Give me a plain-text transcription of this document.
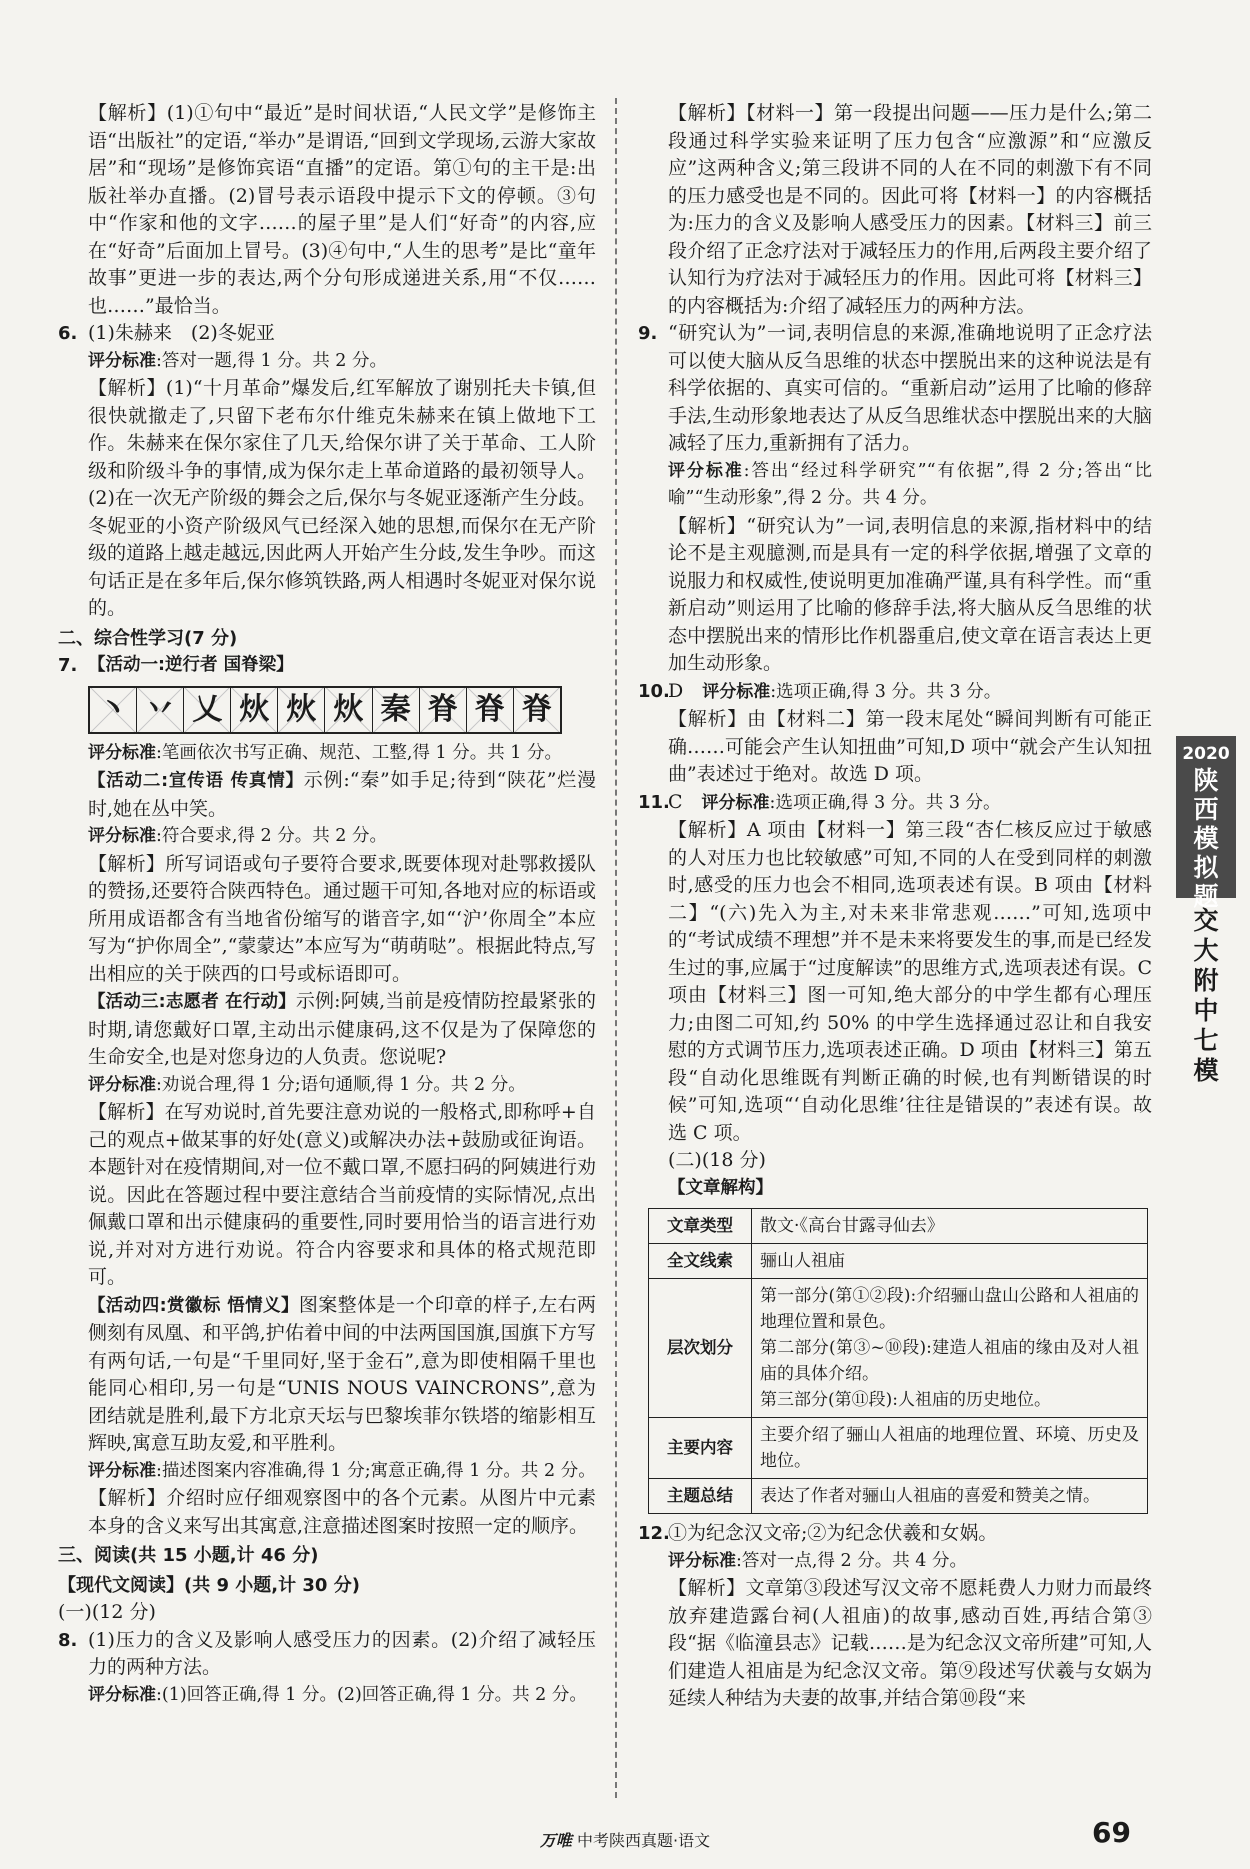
【解析】(1)①句中“最近”是时间状语,“人民文学”是修饰主语“出版社”的定语,“举办”是谓语,“回到文学现场,云游大家故居”和“现场”是修饰宾语“直播”的定语。第①句的主干是:出版社举办直播。(2)冒号表示语段中提示下文的停顿。③句中“作家和他的文字……的屋子里”是人们“好奇”的内容,应在“好奇”后面加上冒号。(3)④句中,“人生的思考”是比“童年故事”更进一步的表达,两个分句形成递进关系,用“不仅……也……”最恰当。

6. (1)朱赫来　(2)冬妮亚

评分标准:答对一题,得 1 分。共 2 分。

【解析】(1)“十月革命”爆发后,红军解放了谢别托夫卡镇,但很快就撤走了,只留下老布尔什维克朱赫来在镇上做地下工作。朱赫来在保尔家住了几天,给保尔讲了关于革命、工人阶级和阶级斗争的事情,成为保尔走上革命道路的最初领导人。(2)在一次无产阶级的舞会之后,保尔与冬妮亚逐渐产生分歧。冬妮亚的小资产阶级风气已经深入她的思想,而保尔在无产阶级的道路上越走越远,因此两人开始产生分歧,发生争吵。而这句话正是在多年后,保尔修筑铁路,两人相遇时冬妮亚对保尔说的。

二、综合性学习(7 分)

7. 【活动一:逆行者 国脊梁】

丶 丷 乂 炏 炏 炏 秦 脊 脊 脊

评分标准:笔画依次书写正确、规范、工整,得 1 分。共 1 分。

【活动二:宣传语 传真情】示例:“秦”如手足;待到“陕花”烂漫时,她在丛中笑。

评分标准:符合要求,得 2 分。共 2 分。

【解析】所写词语或句子要符合要求,既要体现对赴鄂救援队的赞扬,还要符合陕西特色。通过题干可知,各地对应的标语或所用成语都含有当地省份缩写的谐音字,如“‘沪’你周全”本应写为“护你周全”,“蒙蒙达”本应写为“萌萌哒”。根据此特点,写出相应的关于陕西的口号或标语即可。

【活动三:志愿者 在行动】示例:阿姨,当前是疫情防控最紧张的时期,请您戴好口罩,主动出示健康码,这不仅是为了保障您的生命安全,也是对您身边的人负责。您说呢?

评分标准:劝说合理,得 1 分;语句通顺,得 1 分。共 2 分。

【解析】在写劝说时,首先要注意劝说的一般格式,即称呼+自己的观点+做某事的好处(意义)或解决办法+鼓励或征询语。本题针对在疫情期间,对一位不戴口罩,不愿扫码的阿姨进行劝说。因此在答题过程中要注意结合当前疫情的实际情况,点出佩戴口罩和出示健康码的重要性,同时要用恰当的语言进行劝说,并对对方进行劝说。符合内容要求和具体的格式规范即可。

【活动四:赏徽标 悟情义】图案整体是一个印章的样子,左右两侧刻有凤凰、和平鸽,护佑着中间的中法两国国旗,国旗下方写有两句话,一句是“千里同好,坚于金石”,意为即使相隔千里也能同心相印,另一句是“UNIS NOUS VAINCRONS”,意为团结就是胜利,最下方北京天坛与巴黎埃菲尔铁塔的缩影相互辉映,寓意互助友爱,和平胜利。

评分标准:描述图案内容准确,得 1 分;寓意正确,得 1 分。共 2 分。

【解析】介绍时应仔细观察图中的各个元素。从图片中元素本身的含义来写出其寓意,注意描述图案时按照一定的顺序。

三、阅读(共 15 小题,计 46 分)

【现代文阅读】(共 9 小题,计 30 分)

(一)(12 分)

8. (1)压力的含义及影响人感受压力的因素。(2)介绍了减轻压力的两种方法。

评分标准:(1)回答正确,得 1 分。(2)回答正确,得 1 分。共 2 分。

【解析】【材料一】第一段提出问题——压力是什么;第二段通过科学实验来证明了压力包含“应激源”和“应激反应”这两种含义;第三段讲不同的人在不同的刺激下有不同的压力感受也是不同的。因此可将【材料一】的内容概括为:压力的含义及影响人感受压力的因素。【材料三】前三段介绍了正念疗法对于减轻压力的作用,后两段主要介绍了认知行为疗法对于减轻压力的作用。因此可将【材料三】的内容概括为:介绍了减轻压力的两种方法。

9. “研究认为”一词,表明信息的来源,准确地说明了正念疗法可以使大脑从反刍思维的状态中摆脱出来的这种说法是有科学依据的、真实可信的。“重新启动”运用了比喻的修辞手法,生动形象地表达了从反刍思维状态中摆脱出来的大脑减轻了压力,重新拥有了活力。

评分标准:答出“经过科学研究”“有依据”,得 2 分;答出“比喻”“生动形象”,得 2 分。共 4 分。

【解析】“研究认为”一词,表明信息的来源,指材料中的结论不是主观臆测,而是具有一定的科学依据,增强了文章的说服力和权威性,使说明更加准确严谨,具有科学性。而“重新启动”则运用了比喻的修辞手法,将大脑从反刍思维的状态中摆脱出来的情形比作机器重启,使文章在语言表达上更加生动形象。

10.

D　评分标准:选项正确,得 3 分。共 3 分。

【解析】由【材料二】第一段末尾处“瞬间判断有可能正确……可能会产生认知扭曲”可知,D 项中“就会产生认知扭曲”表述过于绝对。故选 D 项。

11.

C　评分标准:选项正确,得 3 分。共 3 分。

【解析】A 项由【材料一】第三段“杏仁核反应过于敏感的人对压力也比较敏感”可知,不同的人在受到同样的刺激时,感受的压力也会不相同,选项表述有误。B 项由【材料二】“(六)先入为主,对未来非常悲观……”可知,选项中的“考试成绩不理想”并不是未来将要发生的事,而是已经发生过的事,应属于“过度解读”的思维方式,选项表述有误。C 项由【材料三】图一可知,绝大部分的中学生都有心理压力;由图二可知,约 50% 的中学生选择通过忍让和自我安慰的方式调节压力,选项表述正确。D 项由【材料三】第五段“自动化思维既有判断正确的时候,也有判断错误的时候”可知,选项“‘自动化思维’往往是错误的”表述有误。故选 C 项。

(二)(18 分)

【文章解构】

文章类型	散文·《高台甘露寻仙去》
全文线索	骊山人祖庙
层次划分	第一部分(第①②段):介绍骊山盘山公路和人祖庙的地理位置和景色。
第二部分(第③~⑩段):建造人祖庙的缘由及对人祖庙的具体介绍。
第三部分(第⑪段):人祖庙的历史地位。

主要内容	主要介绍了骊山人祖庙的地理位置、环境、历史及地位。
主题总结	表达了作者对骊山人祖庙的喜爱和赞美之情。
12.

①为纪念汉文帝;②为纪念伏羲和女娲。

评分标准:答对一点,得 2 分。共 4 分。

【解析】文章第③段述写汉文帝不愿耗费人力财力而最终放弃建造露台祠(人祖庙)的故事,感动百姓,再结合第③段“据《临潼县志》记载……是为纪念汉文帝所建”可知,人们建造人祖庙是为纪念汉文帝。第⑨段述写伏羲与女娲为延续人种结为夫妻的故事,并结合第⑩段“来

2020
陕
西
模
拟
题
交
大
附
中
七
模
万唯 中考陕西真题·语文	69
